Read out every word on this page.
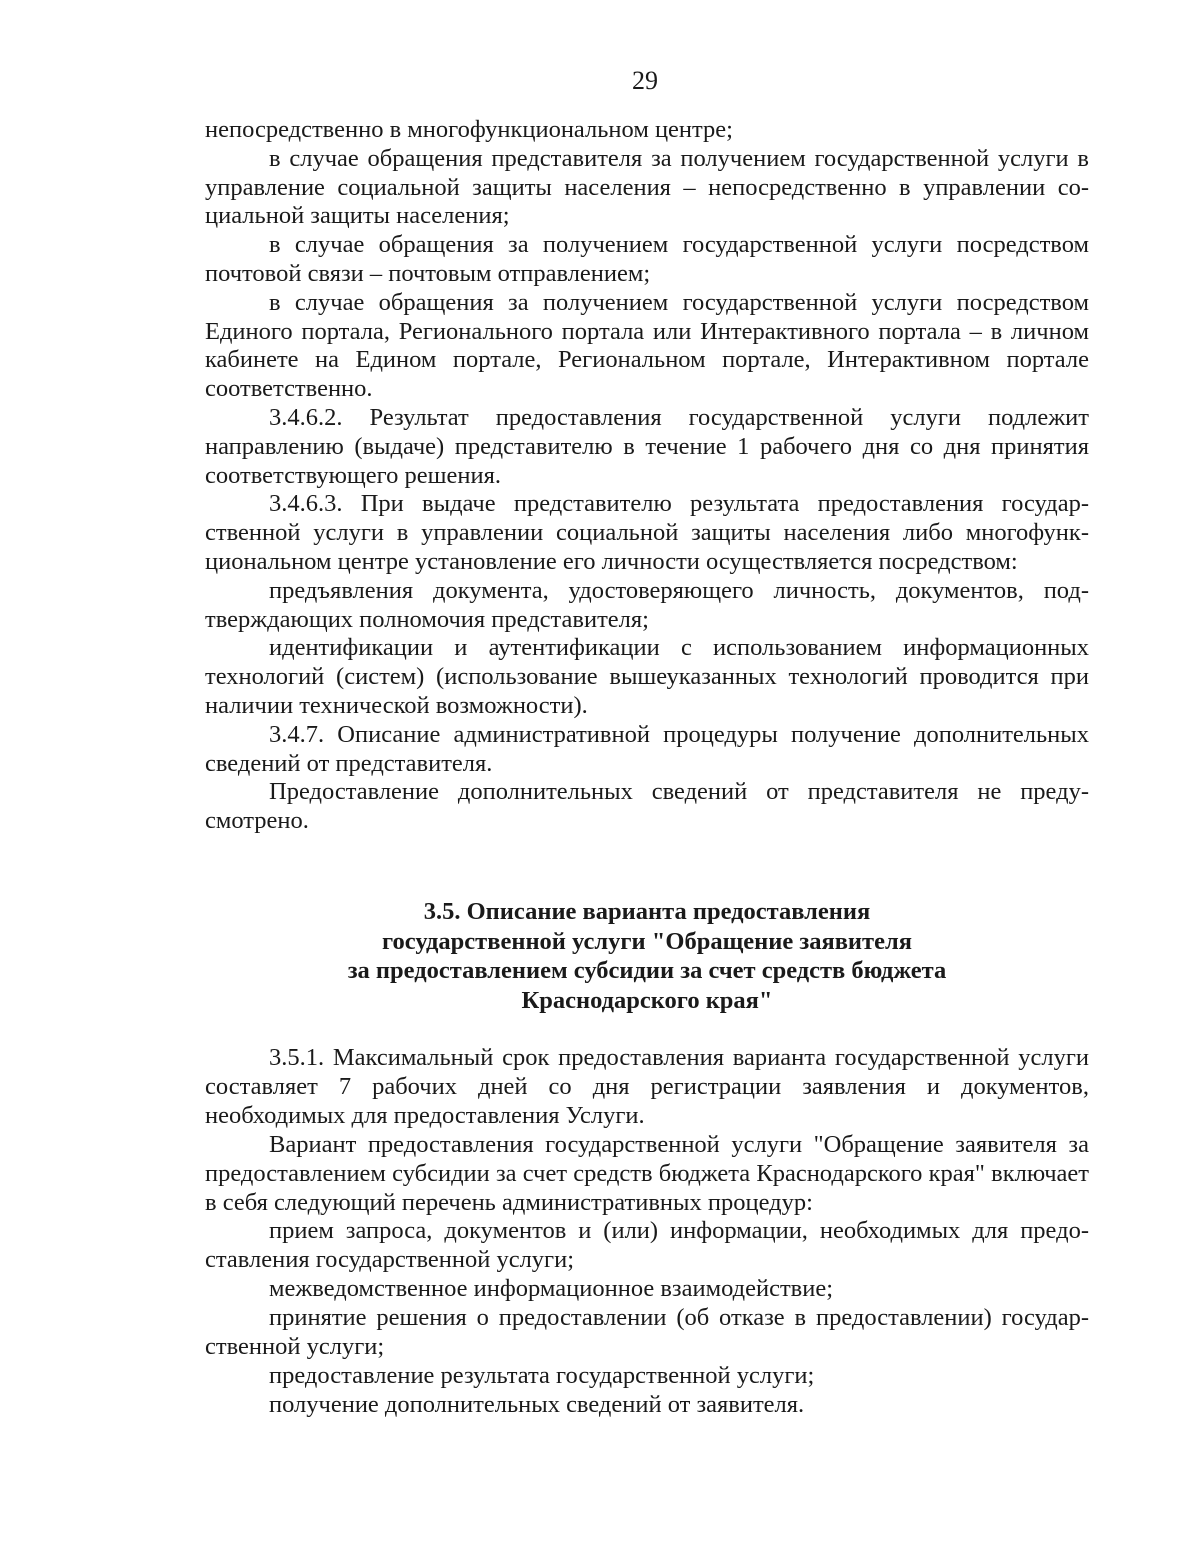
29

непосредственно в многофункциональном центре;

в случае обращения представителя за получением государственной услуги в управление социальной защиты населения – непосредственно в управлении социальной защиты населения;

в случае обращения за получением государственной услуги посредством почтовой связи – почтовым отправлением;

в случае обращения за получением государственной услуги посредством Единого портала, Регионального портала или Интерактивного портала – в личном кабинете на Едином портале, Региональном портале, Интерактивном портале соответственно.

3.4.6.2. Результат предоставления государственной услуги подлежит направлению (выдаче) представителю в течение 1 рабочего дня со дня принятия соответствующего решения.

3.4.6.3. При выдаче представителю результата предоставления государственной услуги в управлении социальной защиты населения либо многофункциональном центре установление его личности осуществляется посредством:

предъявления документа, удостоверяющего личность, документов, подтверждающих полномочия представителя;

идентификации и аутентификации с использованием информационных технологий (систем) (использование вышеуказанных технологий проводится при наличии технической возможности).

3.4.7. Описание административной процедуры получение дополнительных сведений от представителя.

Предоставление дополнительных сведений от представителя не предусмотрено.

3.5. Описание варианта предоставления
государственной услуги "Обращение заявителя
за предоставлением субсидии за счет средств бюджета
Краснодарского края"

3.5.1. Максимальный срок предоставления варианта государственной услуги составляет 7 рабочих дней со дня регистрации заявления и документов, необходимых для предоставления Услуги.

Вариант предоставления государственной услуги "Обращение заявителя за предоставлением субсидии за счет средств бюджета Краснодарского края" включает в себя следующий перечень административных процедур:

прием запроса, документов и (или) информации, необходимых для предоставления государственной услуги;

межведомственное информационное взаимодействие;

принятие решения о предоставлении (об отказе в предоставлении) государственной услуги;

предоставление результата государственной услуги;

получение дополнительных сведений от заявителя.
